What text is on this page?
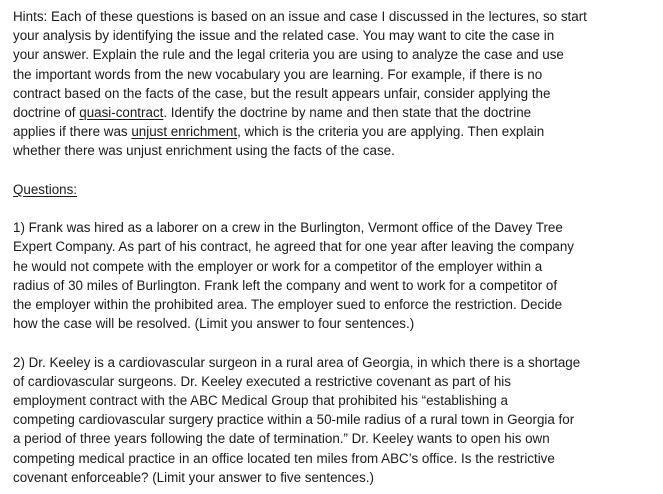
Hints: Each of these questions is based on an issue and case I discussed in the lectures, so start
your analysis by identifying the issue and the related case. You may want to cite the case in
your answer. Explain the rule and the legal criteria you are using to analyze the case and use
the important words from the new vocabulary you are learning. For example, if there is no
contract based on the facts of the case, but the result appears unfair, consider applying the
doctrine of quasi-contract. Identify the doctrine by name and then state that the doctrine
applies if there was unjust enrichment, which is the criteria you are applying. Then explain
whether there was unjust enrichment using the facts of the case.
Questions:
1) Frank was hired as a laborer on a crew in the Burlington, Vermont office of the Davey Tree
Expert Company. As part of his contract, he agreed that for one year after leaving the company
he would not compete with the employer or work for a competitor of the employer within a
radius of 30 miles of Burlington. Frank left the company and went to work for a competitor of
the employer within the prohibited area. The employer sued to enforce the restriction. Decide
how the case will be resolved. (Limit you answer to four sentences.)
2) Dr. Keeley is a cardiovascular surgeon in a rural area of Georgia, in which there is a shortage
of cardiovascular surgeons. Dr. Keeley executed a restrictive covenant as part of his
employment contract with the ABC Medical Group that prohibited his “establishing a
competing cardiovascular surgery practice within a 50-mile radius of a rural town in Georgia for
a period of three years following the date of termination.” Dr. Keeley wants to open his own
competing medical practice in an office located ten miles from ABC’s office. Is the restrictive
covenant enforceable? (Limit your answer to five sentences.)
